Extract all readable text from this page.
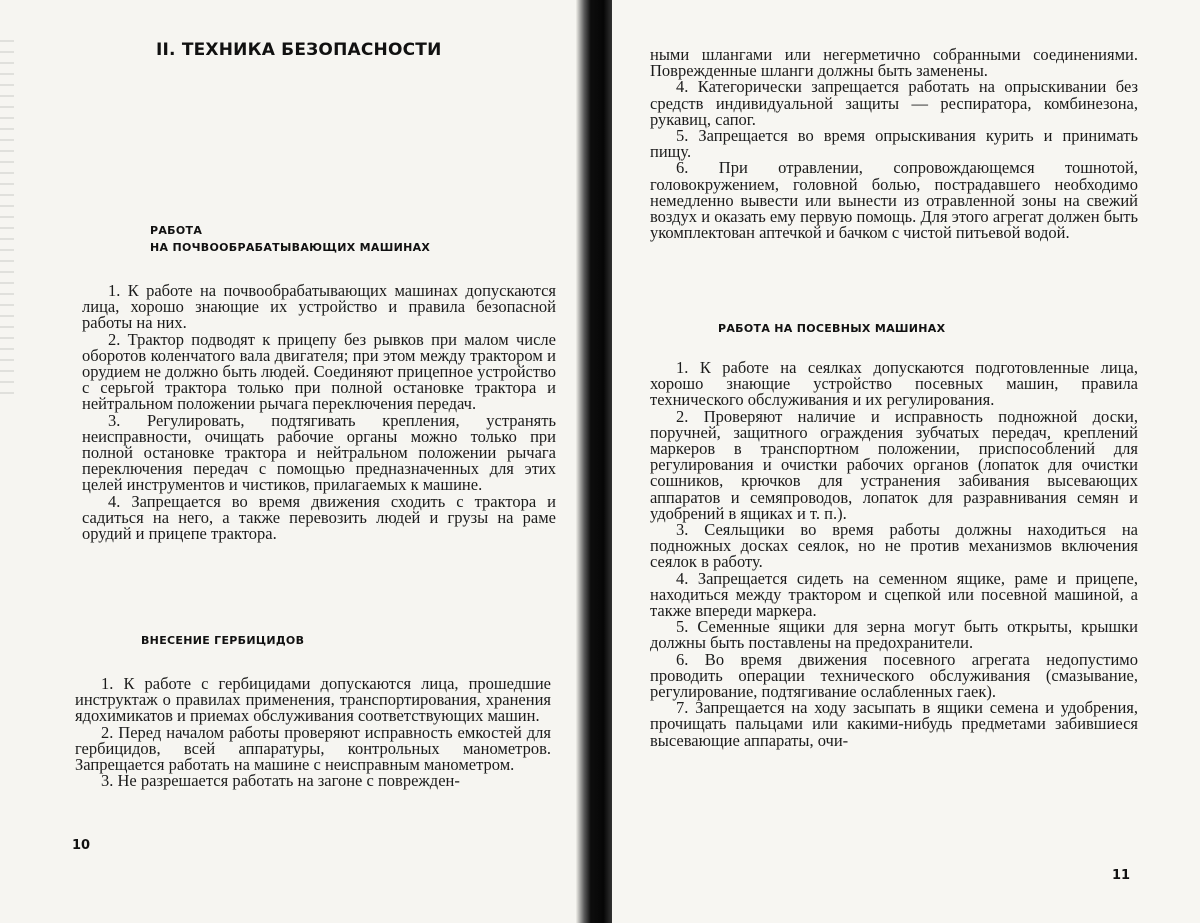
II. ТЕХНИКА БЕЗОПАСНОСТИ
РАБОТА
НА ПОЧВООБРАБАТЫВАЮЩИХ МАШИНАХ

1. К работе на почвообрабатывающих машинах допускаются лица, хорошо знающие их устройство и правила безопасной работы на них.

2. Трактор подводят к прицепу без рывков при малом числе оборотов коленчатого вала двигателя; при этом между трактором и орудием не должно быть людей. Соединяют прицепное устройство с серьгой трактора только при полной остановке трактора и нейтральном положении рычага переключения передач.

3. Регулировать, подтягивать крепления, устранять неисправности, очищать рабочие органы можно только при полной остановке трактора и нейтральном положении рычага переключения передач с помощью предназначенных для этих целей инструментов и чистиков, прилагаемых к машине.

4. Запрещается во время движения сходить с трактора и садиться на него, а также перевозить людей и грузы на раме орудий и прицепе трактора.

ВНЕСЕНИЕ ГЕРБИЦИДОВ

1. К работе с гербицидами допускаются лица, прошедшие инструктаж о правилах применения, транспортирования, хранения ядохимикатов и приемах обслуживания соответствующих машин.

2. Перед началом работы проверяют исправность емкостей для гербицидов, всей аппаратуры, контрольных манометров. Запрещается работать на машине с неисправным манометром.

3. Не разрешается работать на загоне с поврежден-

10

ными шлангами или негерметично собранными соединениями. Поврежденные шланги должны быть заменены.

4. Категорически запрещается работать на опрыскивании без средств индивидуальной защиты — респиратора, комбинезона, рукавиц, сапог.

5. Запрещается во время опрыскивания курить и принимать пищу.

6. При отравлении, сопровождающемся тошнотой, головокружением, головной болью, пострадавшего необходимо немедленно вывести или вынести из отравленной зоны на свежий воздух и оказать ему первую помощь. Для этого агрегат должен быть укомплектован аптечкой и бачком с чистой питьевой водой.

РАБОТА НА ПОСЕВНЫХ МАШИНАХ

1. К работе на сеялках допускаются подготовленные лица, хорошо знающие устройство посевных машин, правила технического обслуживания и их регулирования.

2. Проверяют наличие и исправность подножной доски, поручней, защитного ограждения зубчатых передач, креплений маркеров в транспортном положении, приспособлений для регулирования и очистки рабочих органов (лопаток для очистки сошников, крючков для устранения забивания высевающих аппаратов и семяпроводов, лопаток для разравнивания семян и удобрений в ящиках и т. п.).

3. Сеяльщики во время работы должны находиться на подножных досках сеялок, но не против механизмов включения сеялок в работу.

4. Запрещается сидеть на семенном ящике, раме и прицепе, находиться между трактором и сцепкой или посевной машиной, а также впереди маркера.

5. Семенные ящики для зерна могут быть открыты, крышки должны быть поставлены на предохранители.

6. Во время движения посевного агрегата недопустимо проводить операции технического обслуживания (смазывание, регулирование, подтягивание ослабленных гаек).

7. Запрещается на ходу засыпать в ящики семена и удобрения, прочищать пальцами или какими-нибудь предметами забившиеся высевающие аппараты, очи-

11
